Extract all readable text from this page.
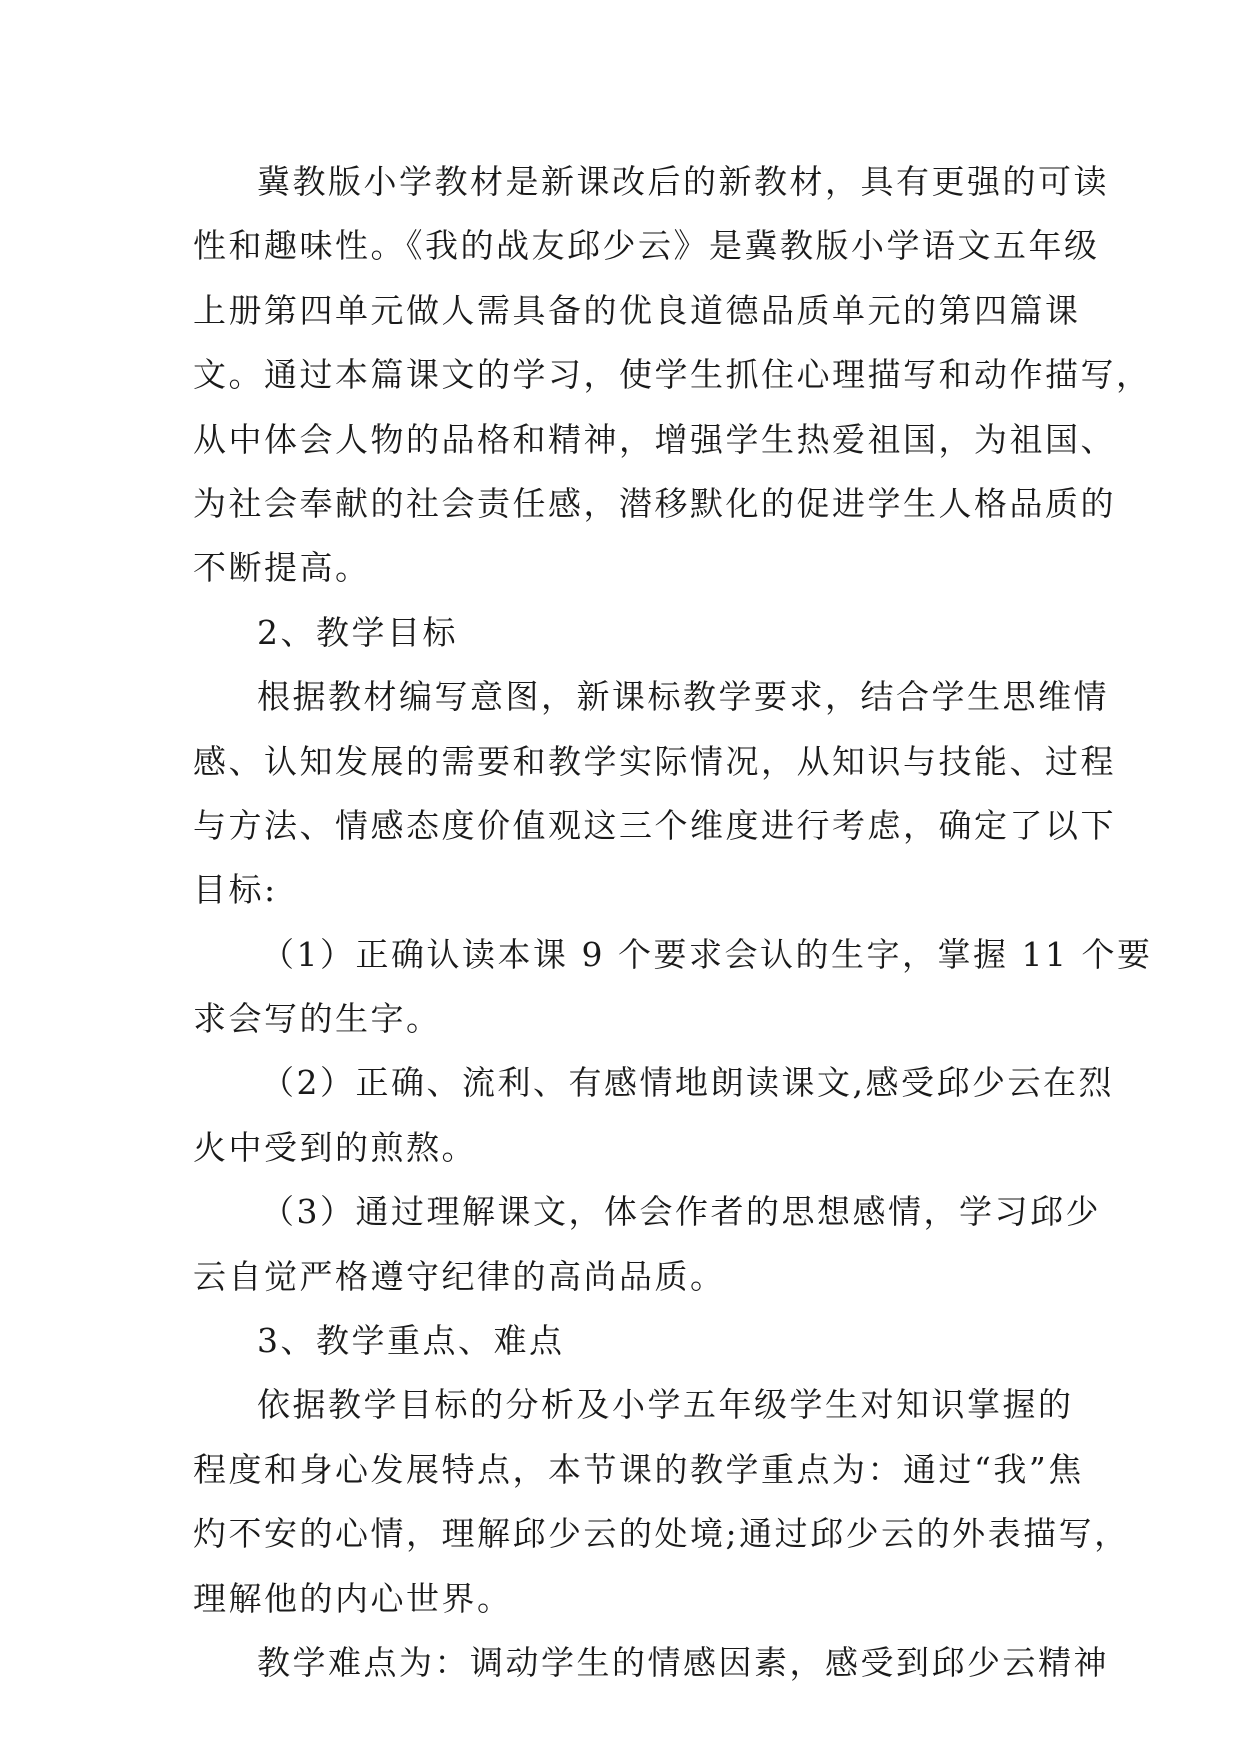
冀教版小学教材是新课改后的新教材，具有更强的可读
性和趣味性。《我的战友邱少云》是冀教版小学语文五年级
上册第四单元做人需具备的优良道德品质单元的第四篇课
文。通过本篇课文的学习，使学生抓住心理描写和动作描写，
从中体会人物的品格和精神，增强学生热爱祖国，为祖国、
为社会奉献的社会责任感，潜移默化的促进学生人格品质的
不断提高。
2、教学目标
根据教材编写意图，新课标教学要求，结合学生思维情
感、认知发展的需要和教学实际情况，从知识与技能、过程
与方法、情感态度价值观这三个维度进行考虑，确定了以下
目标:
（1）正确认读本课 9 个要求会认的生字，掌握 11 个要
求会写的生字。
（2）正确、流利、有感情地朗读课文,感受邱少云在烈
火中受到的煎熬。
（3）通过理解课文，体会作者的思想感情，学习邱少
云自觉严格遵守纪律的高尚品质。
3、教学重点、难点
依据教学目标的分析及小学五年级学生对知识掌握的
程度和身心发展特点，本节课的教学重点为：通过“我”焦
灼不安的心情，理解邱少云的处境;通过邱少云的外表描写，
理解他的内心世界。
教学难点为：调动学生的情感因素，感受到邱少云精神
